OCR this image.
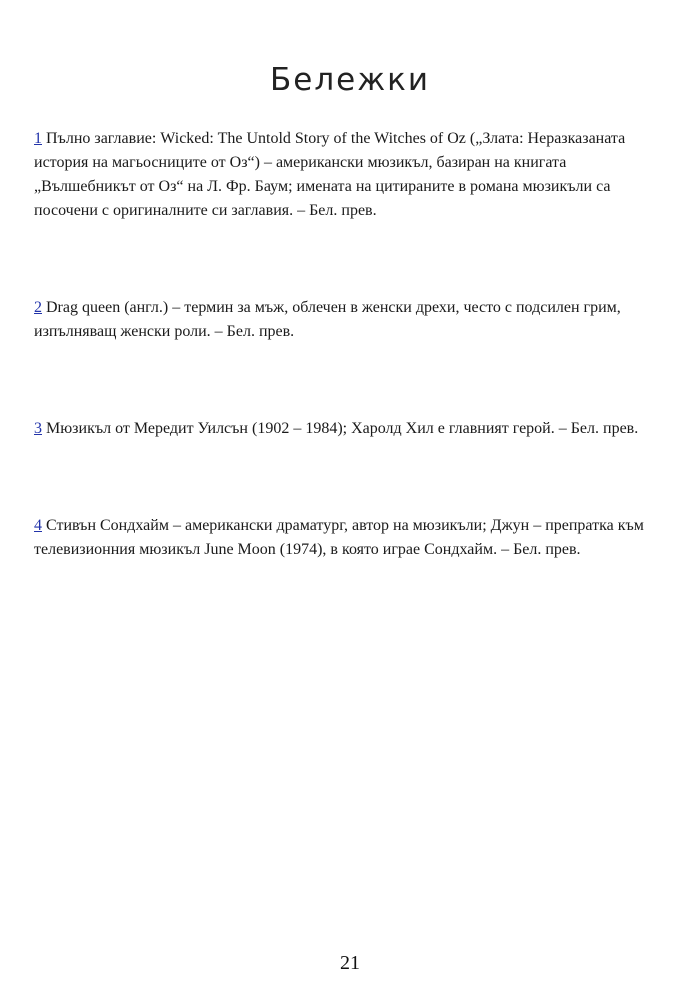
Бележки

1 Пълно заглавие: Wicked: The Untold Story of the Witches of Oz („Злата: Неразказаната история на магьосниците от Оз“) – американски мюзикъл, базиран на книгата „Вълшебникът от Оз“ на Л. Фр. Баум; имената на цитираните в романа мюзикъли са посочени с оригиналните си заглавия. – Бел. прев.

2 Drag queen (англ.) – термин за мъж, облечен в женски дрехи, често с подсилен грим, изпълняващ женски роли. – Бел. прев.

3 Мюзикъл от Мередит Уилсън (1902 – 1984); Харолд Хил е главният герой. – Бел. прев.

4 Стивън Сондхайм – американски драматург, автор на мюзикъли; Джун – препратка към телевизионния мюзикъл June Moon (1974), в която играе Сондхайм. – Бел. прев.

21
